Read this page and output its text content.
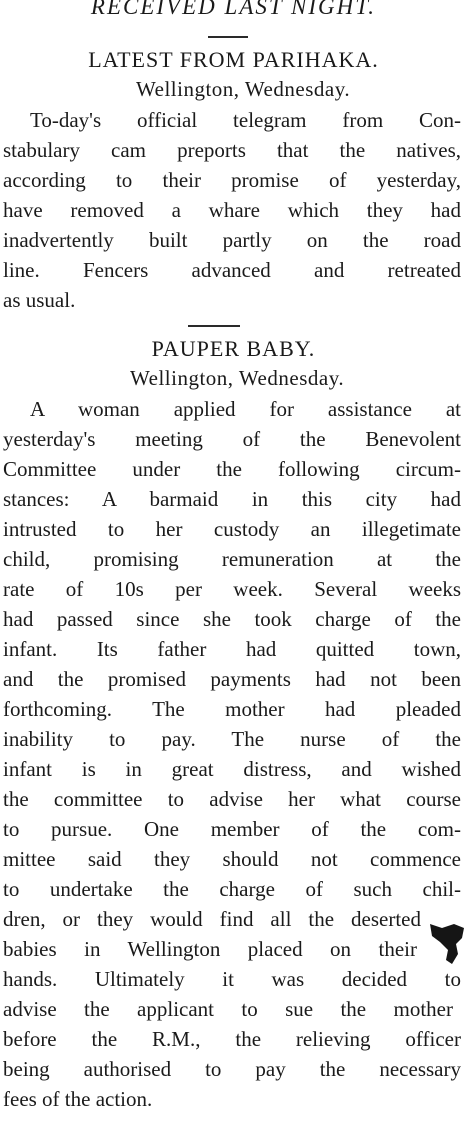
RECEIVED LAST NIGHT.
LATEST FROM PARIHAKA.
Wellington, Wednesday.
To-day's official telegram from Con-
stabulary cam preports that the natives,
according to their promise of yesterday,
have removed a whare which they had
inadvertently built partly on the road
line. Fencers advanced and retreated
as usual.
PAUPER BABY.
Wellington, Wednesday.
A woman applied for assistance at
yesterday's meeting of the Benevolent
Committee under the following circum-
stances: A barmaid in this city had
intrusted to her custody an illegetimate
child, promising remuneration at the
rate of 10s per week. Several weeks
had passed since she took charge of the
infant. Its father had quitted town,
and the promised payments had not been
forthcoming. The mother had pleaded
inability to pay. The nurse of the
infant is in great distress, and wished
the committee to advise her what course
to pursue. One member of the com-
mittee said they should not commence
to undertake the charge of such chil-
dren, or they would find all the deserted
babies in Wellington placed on their
hands. Ultimately it was decided to
advise the applicant to sue the mother
before the R.M., the relieving officer
being authorised to pay the necessary
fees of the action.
